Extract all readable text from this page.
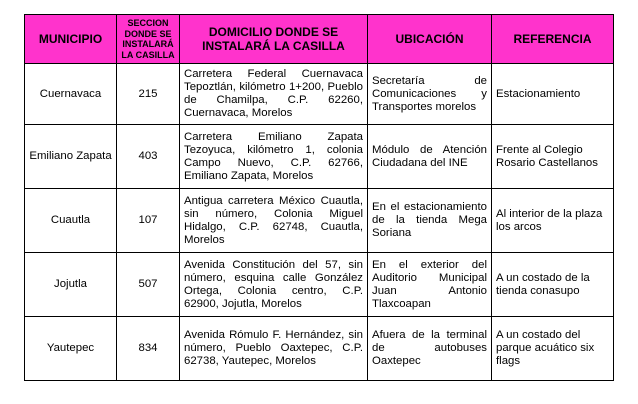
MUNICIPIO	SECCION DONDE SE INSTALARÁ LA CASILLA	DOMICILIO DONDE SE INSTALARÁ LA CASILLA	UBICACIÓN	REFERENCIA
Cuernavaca	215	Carretera Federal Cuernavaca Tepoztlán, kilómetro 1+200, Pueblo de Chamilpa, C.P. 62260, Cuernavaca, Morelos	Secretaría de Comunicaciones y Transportes morelos	Estacionamiento
Emiliano Zapata	403	Carretera Emiliano Zapata Tezoyuca, kilómetro 1, colonia Campo Nuevo, C.P. 62766, Emiliano Zapata, Morelos	Módulo de Atención Ciudadana del INE	Frente al Colegio Rosario Castellanos
Cuautla	107	Antigua carretera México Cuautla, sin número, Colonia Miguel Hidalgo, C.P. 62748, Cuautla, Morelos	En el estacionamiento de la tienda Mega Soriana	Al interior de la plaza los arcos
Jojutla	507	Avenida Constitución del 57, sin número, esquina calle González Ortega, Colonia centro, C.P. 62900, Jojutla, Morelos	En el exterior del Auditorio Municipal Juan Antonio Tlaxcoapan	A un costado de la tienda conasupo
Yautepec	834	Avenida Rómulo F. Hernández, sin número, Pueblo Oaxtepec, C.P. 62738, Yautepec, Morelos	Afuera de la terminal de autobuses Oaxtepec	A un costado del parque acuático six flags
